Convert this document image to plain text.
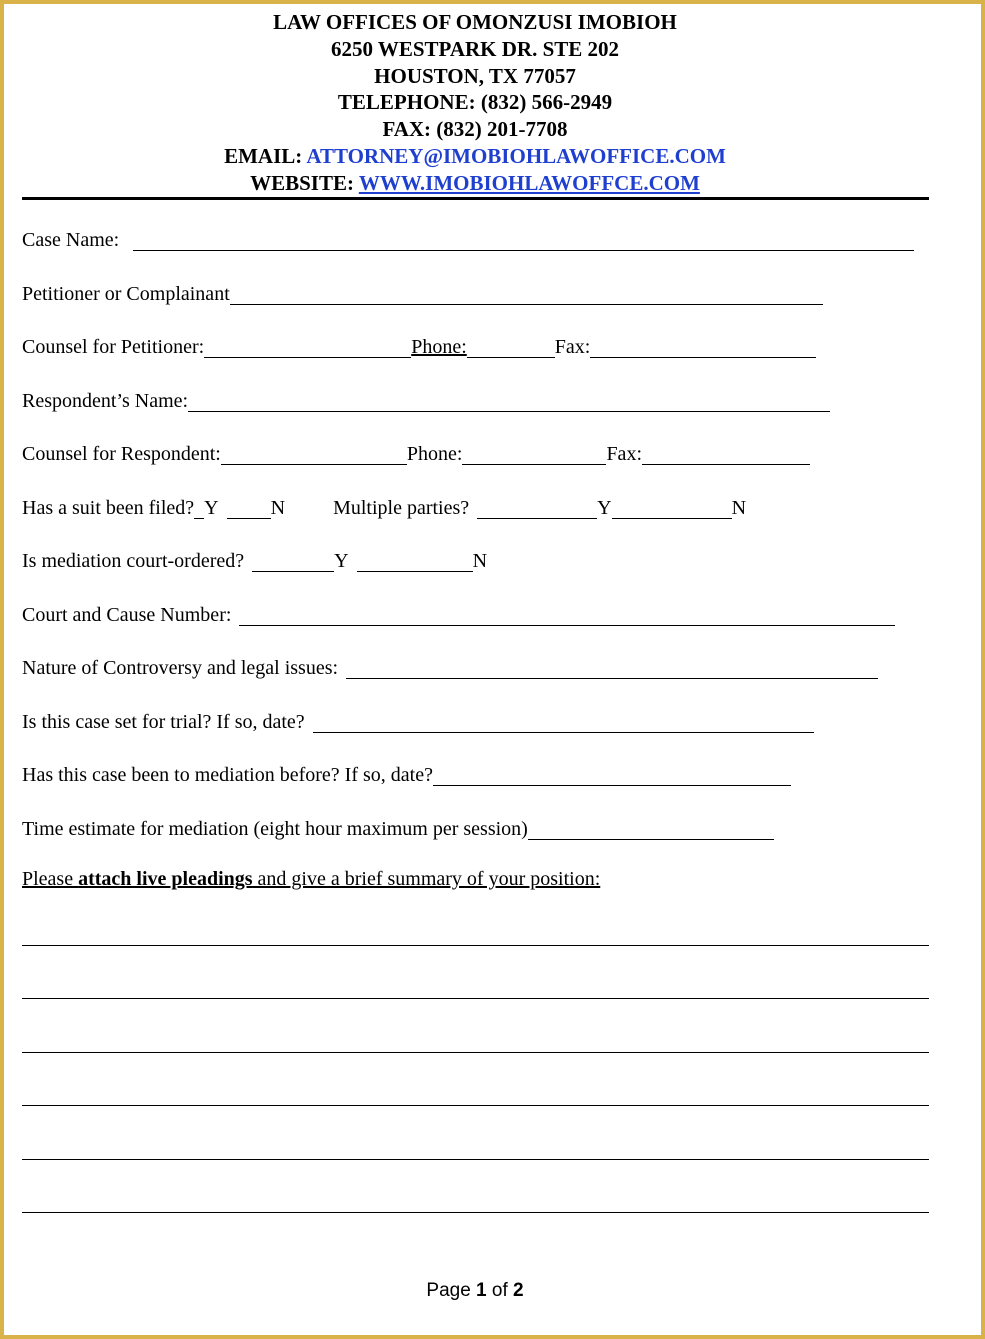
LAW OFFICES OF OMONZUSI IMOBIOH
6250 WESTPARK DR. STE 202
HOUSTON, TX 77057
TELEPHONE: (832) 566-2949
FAX: (832) 201-7708
EMAIL: ATTORNEY@IMOBIOHLAWOFFICE.COM
WEBSITE: WWW.IMOBIOHLAWOFFCE.COM
Case Name:
Petitioner or Complainant
Counsel for Petitioner:	Phone:	Fax:
Respondent’s Name:
Counsel for Respondent:	Phone:	Fax:
Has a suit been filed? Y	N Multiple parties?	Y	N
Is mediation court-ordered?	Y	N
Court and Cause Number:
Nature of Controversy and legal issues:
Is this case set for trial? If so, date?
Has this case been to mediation before? If so, date?
Time estimate for mediation (eight hour maximum per session)
Please attach live pleadings and give a brief summary of your position:
Page 1 of 2
